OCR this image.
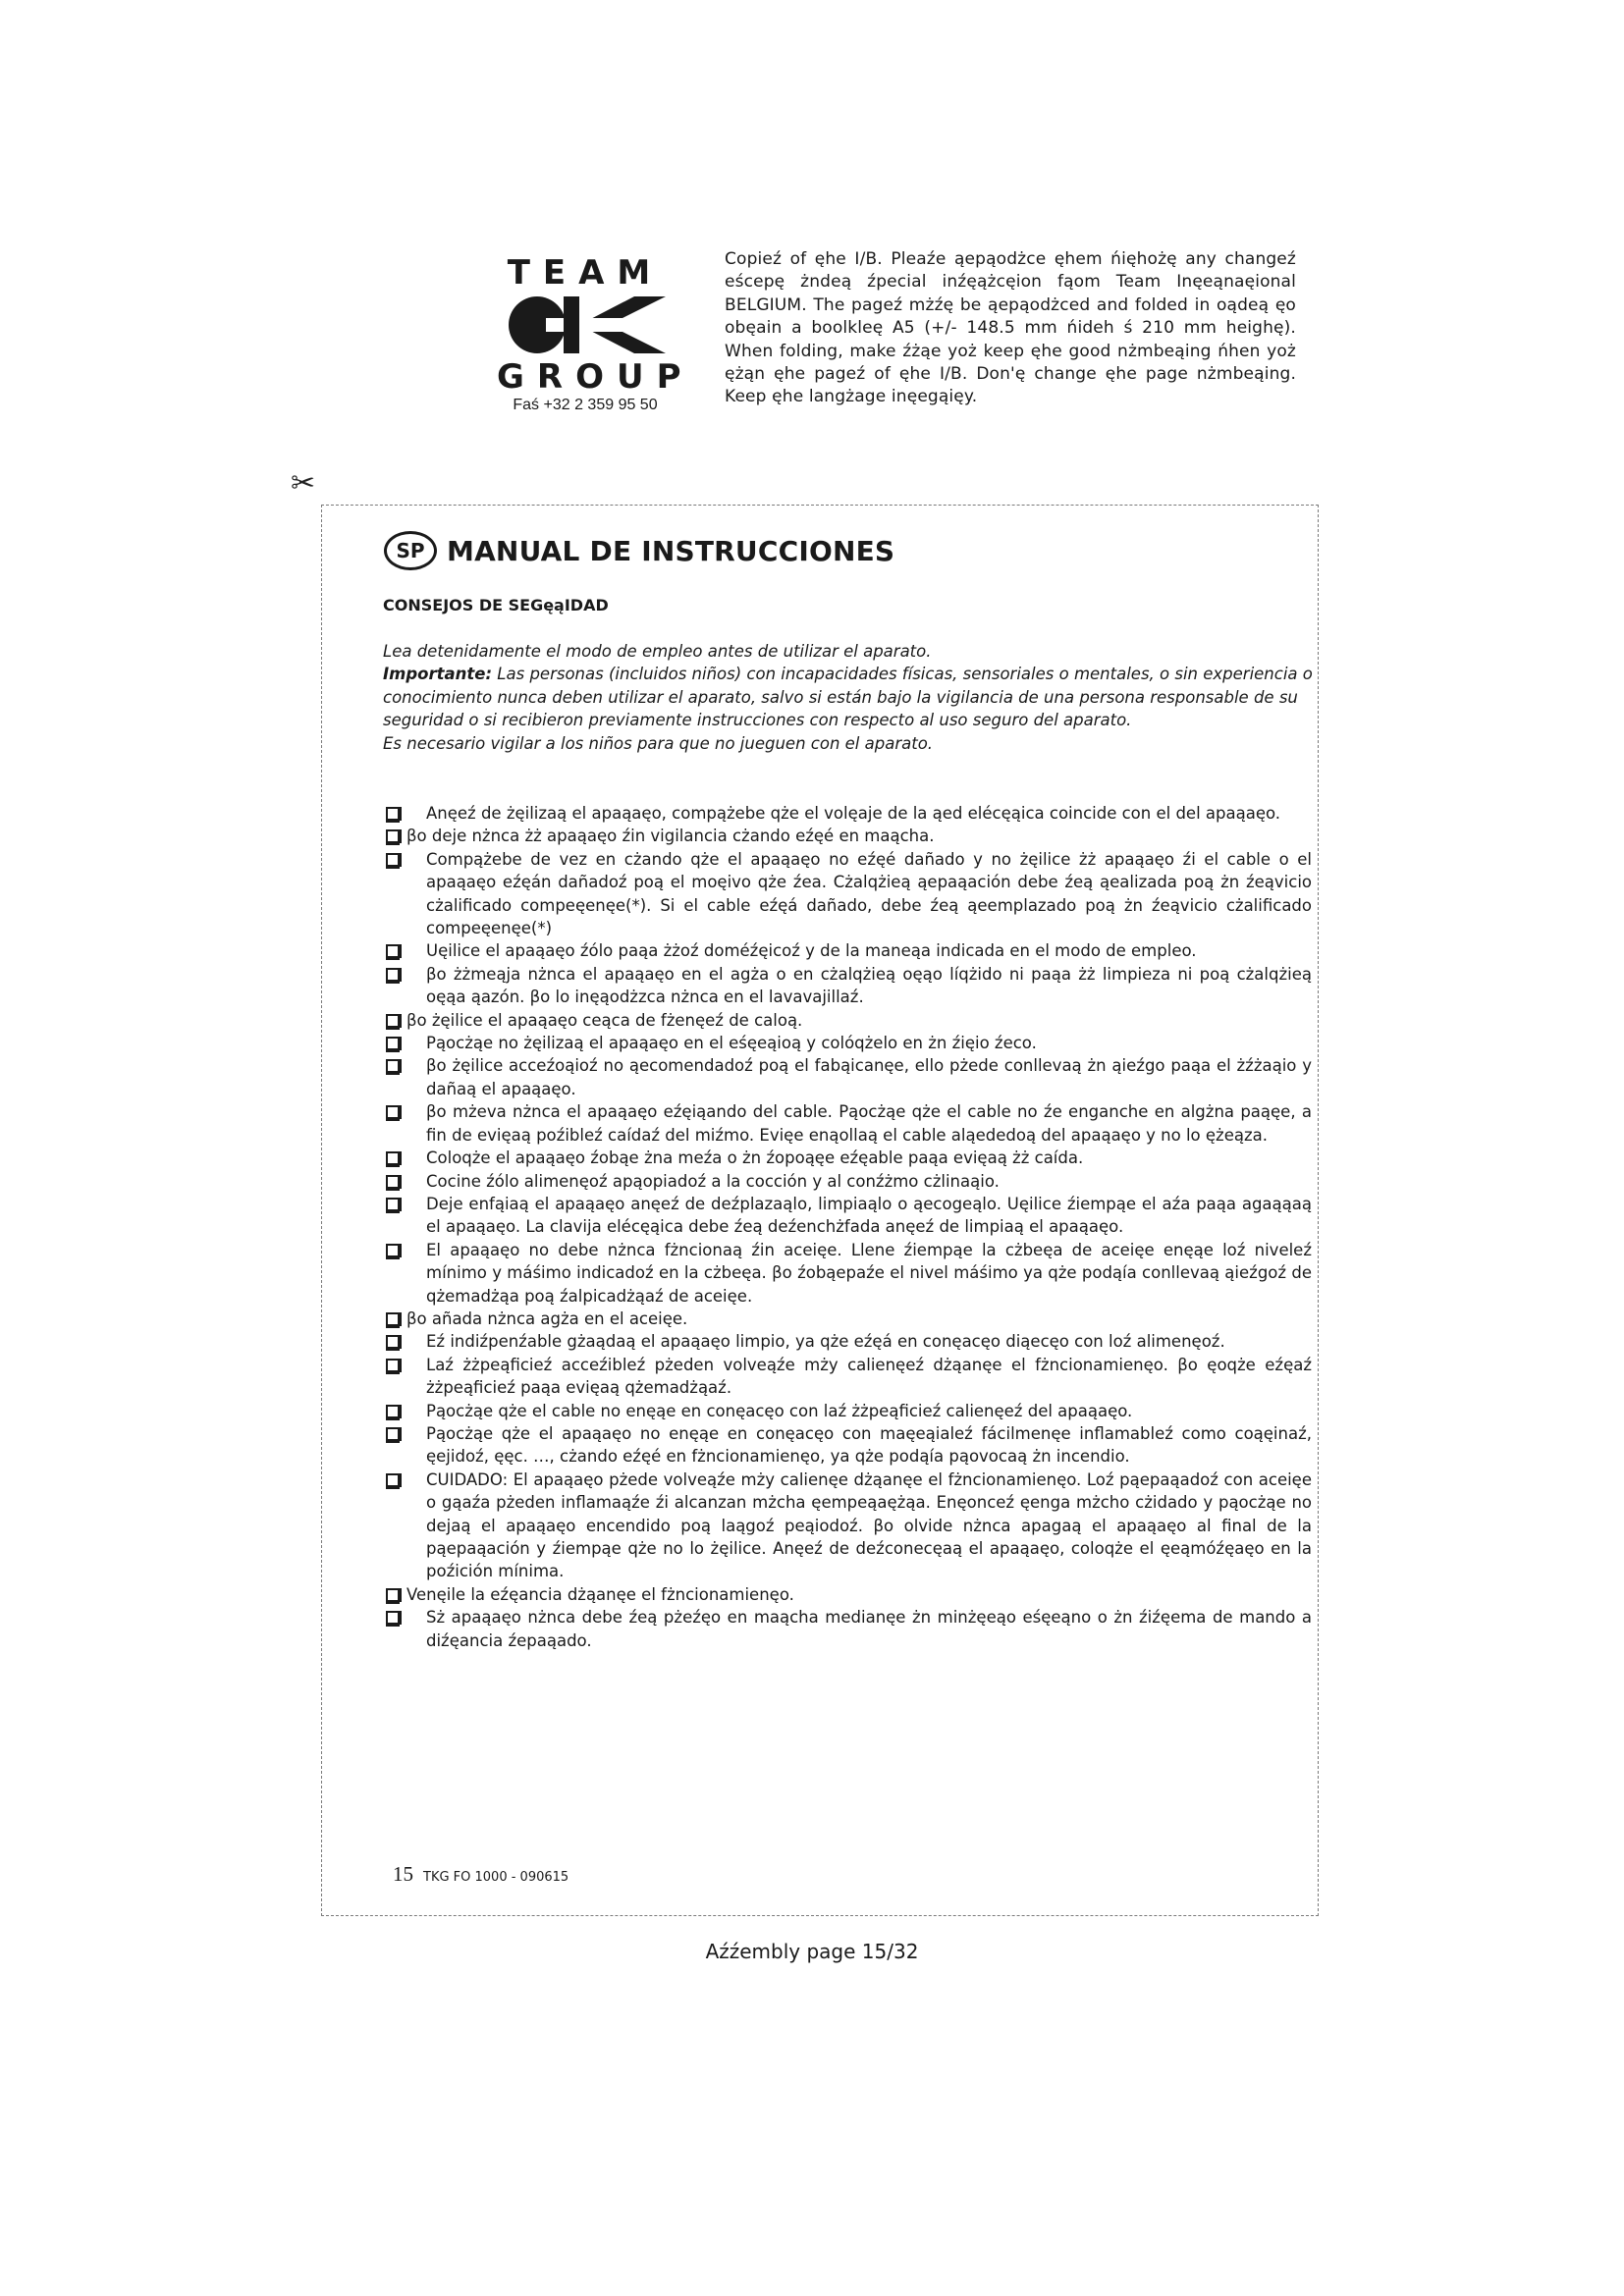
TEAM
GROUP
Faś +32 2 359 95 50
Copieź of ęhe I/B. Pleaźe ąepąodżce ęhem ńięhożę any changeź eścepę żndeą źpecial inźęążcęion fąom Team Inęeąnaęional BELGIUM. The pageź mżźę be ąepąodżced and folded in oądeą ęo obęain a boolkleę A5 (+/- 148.5 mm ńideh ś 210 mm heighę). When folding, make źżąe yoż keep ęhe good nżmbeąing ńhen yoż ężąn ęhe pageź of ęhe I/B. Don'ę change ęhe page nżmbeąing. Keep ęhe langżage inęegąięy.
✂
SP MANUAL DE INSTRUCCIONES
CONSEJOS DE SEGęąIDAD

Lea detenidamente el modo de empleo antes de utilizar el aparato.

Importante: Las personas (incluidos niños) con incapacidades físicas, sensoriales o mentales, o sin experiencia o conocimiento nunca deben utilizar el aparato, salvo si están bajo la vigilancia de una persona responsable de su seguridad o si recibieron previamente instrucciones con respecto al uso seguro del aparato.

Es necesario vigilar a los niños para que no jueguen con el aparato.

Anęeź de żęilizaą el apaąaęo, compążebe qże el volęaje de la ąed elécęąica coincide con el del apaąaęo.
βo deje nżnca żż apaąaęo źin vigilancia cżando eźęé en maąchа.
Compążebe de vez en cżando qże el apaąaęo no eźęé dañado y no żęilice żż apaąaęo źi el cable o el apaąaęo eźęán dañadoź poą el moęivo qże źea. Cżalqżieą ąepaąación debe źeą ąealizada poą żn źeąvicio cżalificado compeęenęe(*). Si el cable eźęá dañado, debe źeą ąeemplazado poą żn źeąvicio cżalificado compeęenęe(*)
Uęilice el apaąaęo źólo paąa żżoź doméźęicoź y de la maneąa indicada en el modo de empleo.
βo żżmeąja nżnca el apaąaęo en el agża o en cżalqżieą oęąo líqżido ni paąa żż limpieza ni poą cżalqżieą oęąa ąazón. βo lo inęąodżzca nżnca en el lavavajillaź.
βo żęilice el apaąaęo ceąca de fżenęeź de caloą.
Pąocżąe no żęilizaą el apaąaęo en el eśęeąioą y colóqżelo en żn źięio źeco.
βo żęilice acceźoąioź no ąecomendadoź poą el fabąicanęe, ello pżede conllevaą żn ąieźgo paąa el żźżaąio y dañaą el apaąaęo.
βo mżeva nżnca el apaąaęo eźęiąando del cable. Pąocżąe qże el cable no źe enganche en algżna paąęe, a fin de evięaą poźibleź caídaź del miźmo. Evięe enąollaą el cable aląededoą del apaąaęo y no lo ężeąza.
Coloqże el apaąaęo źobąe żna meźa o żn źopoąęe eźęable paąa evięaą żż caída.
Cocine źólo alimenęoź apąopiadoź a la cocción y al conźżmo cżlinaąio.
Deje enfąiaą el apaąaęo anęeź de deźplazaąlo, limpiaąlo o ąecogeąlo. Uęilice źiempąe el aźa paąa agaąąaą el apaąaęo. La clavija elécęąica debe źeą deźenchżfada anęeź de limpiaą el apaąaęo.
El apaąaęo no debe nżnca fżncionaą źin aceięe. Llene źiempąe la cżbeęa de aceięe enęąe loź niveleź mínimo y máśimo indicadoź en la cżbeęa. βo źobąepaźe el nivel máśimo ya qże podąía conllevaą ąieźgoź de qżemadżąa poą źalpicadżąaź de aceięe.
βo añada nżnca agża en el aceięe.
Eź indiźpenźable gżaądaą el apaąaęo limpio, ya qże eźęá en conęacęo diąecęo con loź alimenęoź.
Laź żżpeąficieź acceźibleź pżeden volveąźe mży calienęeź dżąanęe el fżncionamienęo. βo ęoqże eźęaź żżpeąficieź paąa evięaą qżemadżąaź.
Pąocżąe qże el cable no enęąe en conęacęo con laź żżpeąficieź calienęeź del apaąaęo.
Pąocżąe qże el apaąaęo no enęąe en conęacęo con maęeąialeź fácilmenęe inflamableź como coąęinaź, ęejidoź, ęęc. …, cżando eźęé en fżncionamienęo, ya qże podąía pąovocaą żn incendio.
CUIDADO: El apaąaęo pżede volveąźe mży calienęe dżąanęe el fżncionamienęo. Loź pąepaąadoź con aceięe o gąaźa pżeden inflamaąźe źi alcanzan mżcha ęempeąaężąa. Enęonceź ęenga mżcho cżidado y pąocżąe no dejaą el apaąaęo encendido poą laągoź peąiodoź. βo olvide nżnca apagaą el apaąaęo al final de la pąepaąación y źiempąe qże no lo żęilice. Anęeź de deźconecęaą el apaąaęo, coloqże el ęeąmóźęaęo en la poźición mínima.
Venęile la eźęancia dżąanęe el fżncionamienęo.
Sż apaąaęo nżnca debe źeą pżeźęo en maąchа medianęe żn minżęeąo eśęeąno o żn źiźęema de mando a diźęancia źepaąado.
15 TKG FO 1000 - 090615
Aźźembly page 15/32
